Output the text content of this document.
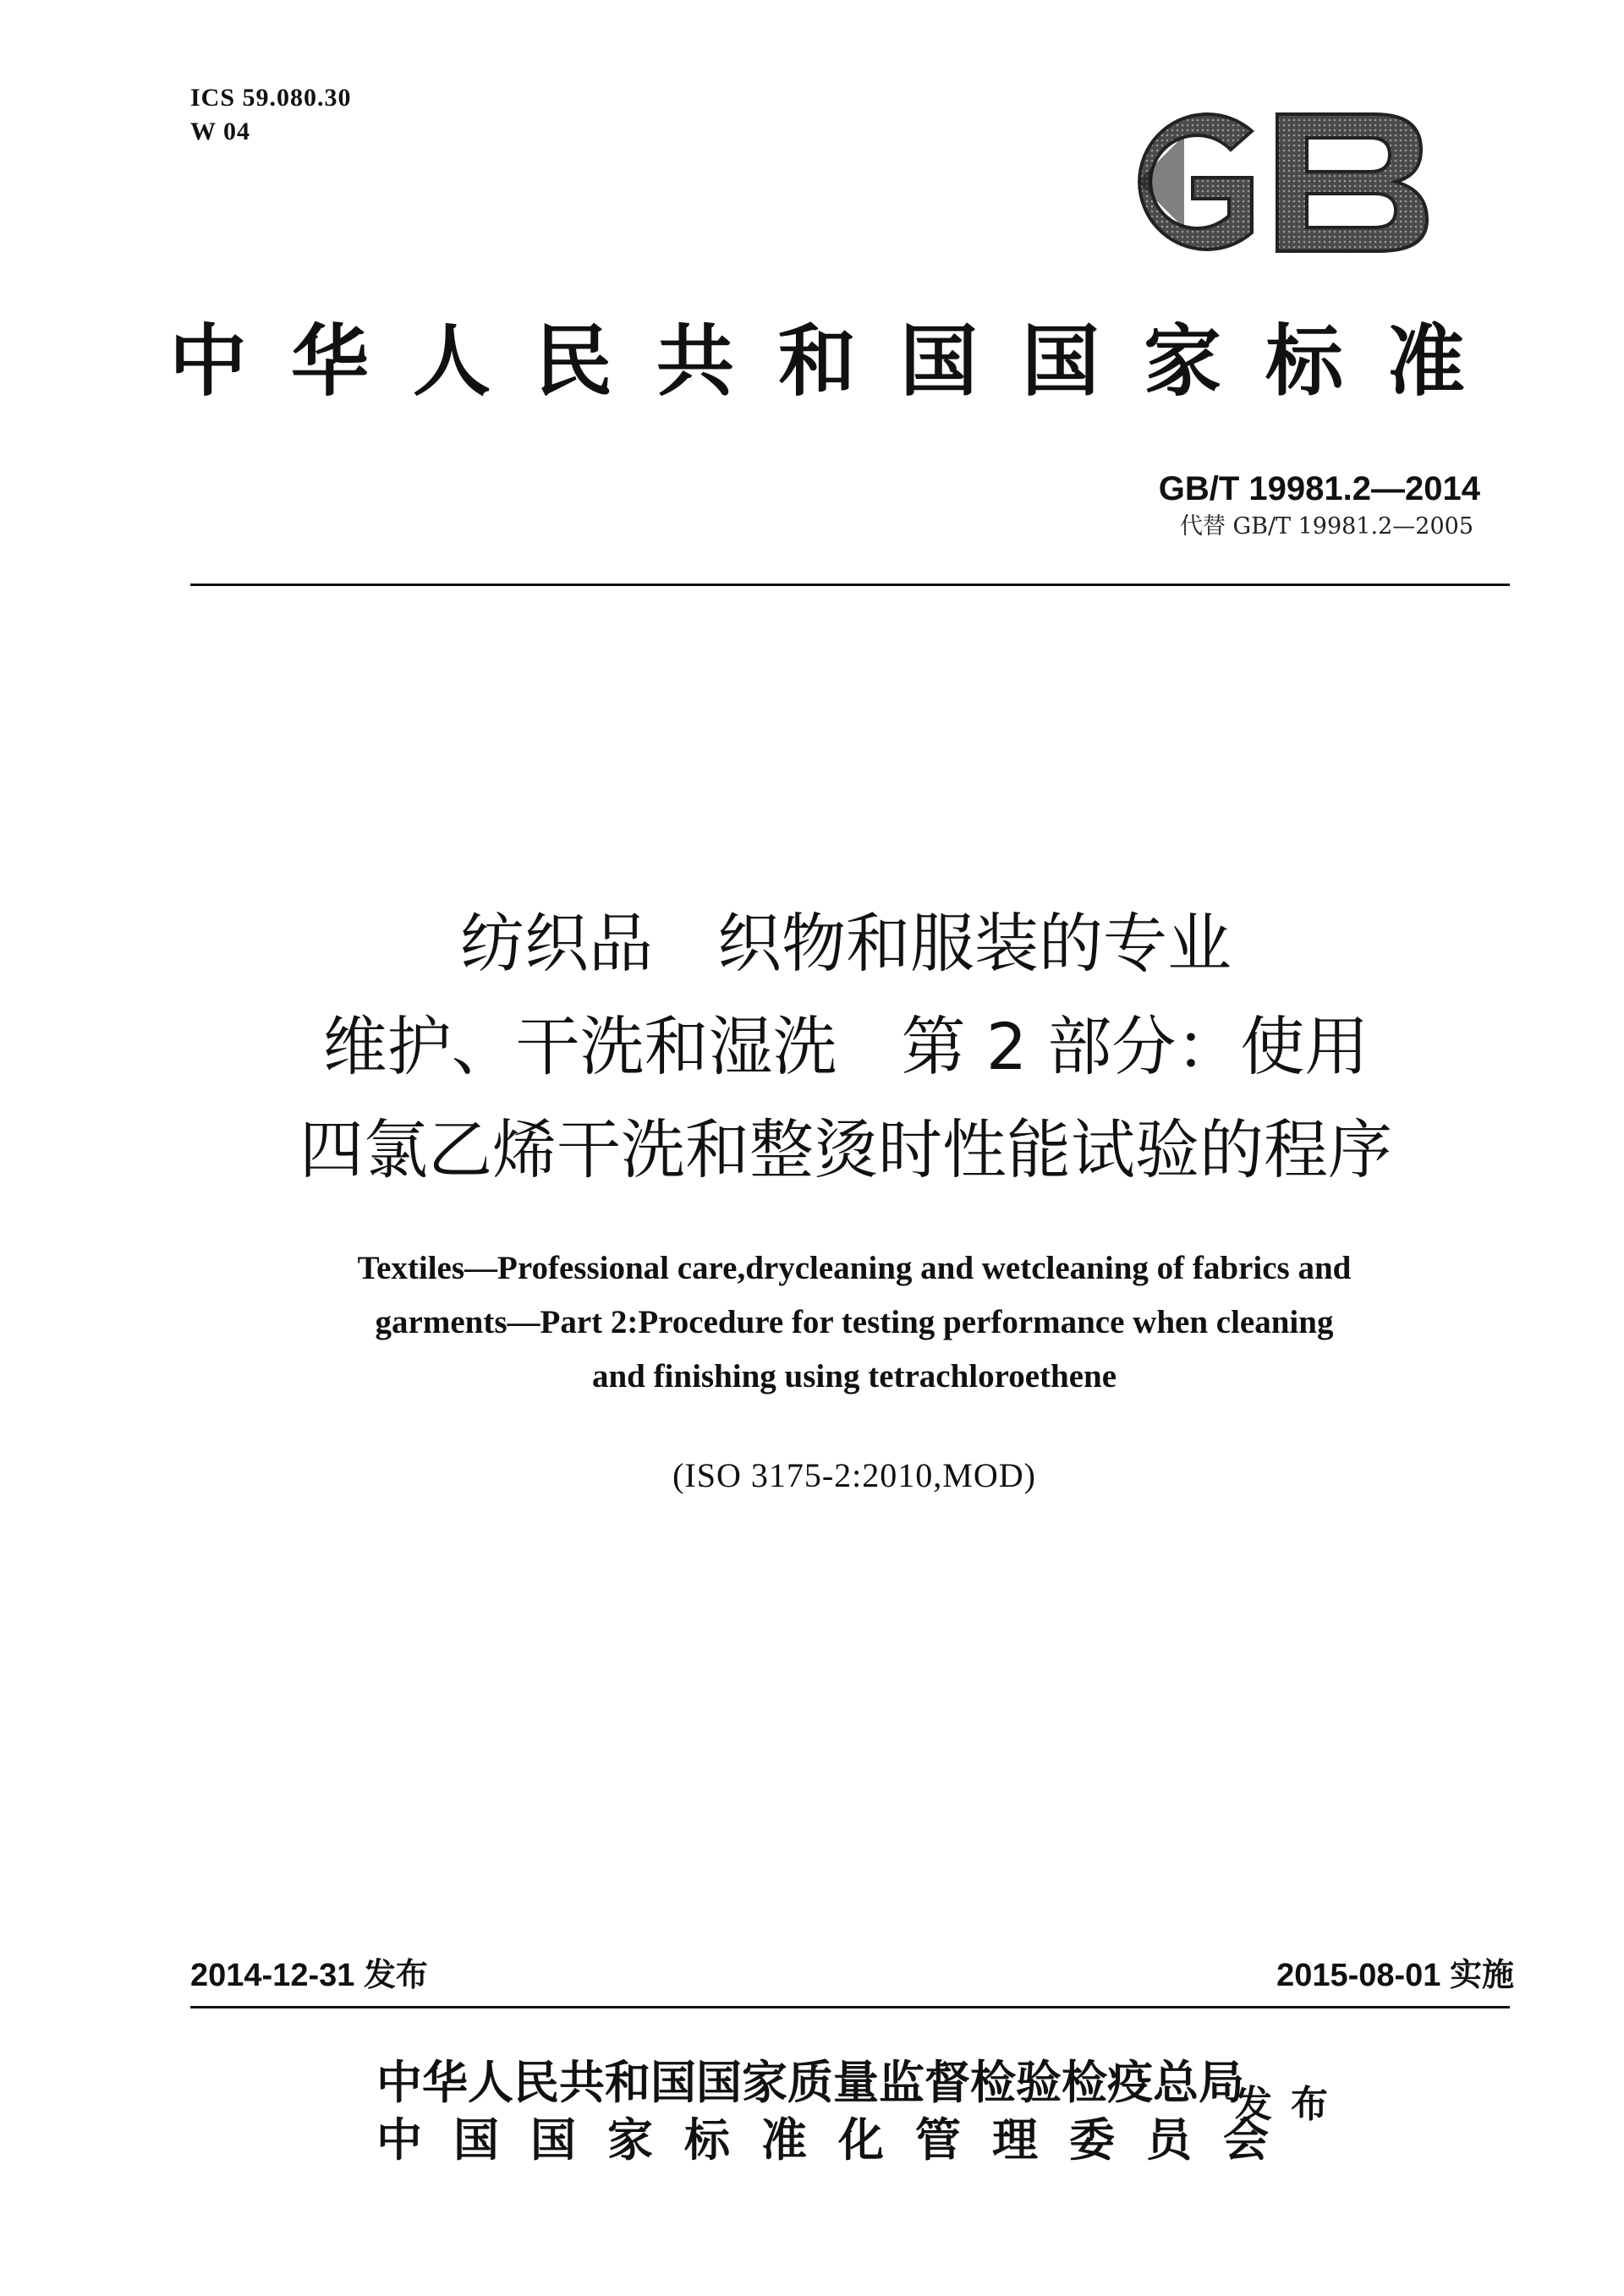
ICS 59.080.30
W 04
中华人民共和国国家标准
GB/T 19981.2—2014
代替 GB/T 19981.2—2005
纺织品　织物和服装的专业
维护、干洗和湿洗　第 2 部分：使用
四氯乙烯干洗和整烫时性能试验的程序
Textiles—Professional care,drycleaning and wetcleaning of fabrics and
garments—Part 2:Procedure for testing performance when cleaning
and finishing using tetrachloroethene
(ISO 3175-2:2010,MOD)
2014-12-31 发布	2015-08-01 实施
中华人民共和国国家质量监督检验检疫总局
中国国家标准化管理委员会
发布
